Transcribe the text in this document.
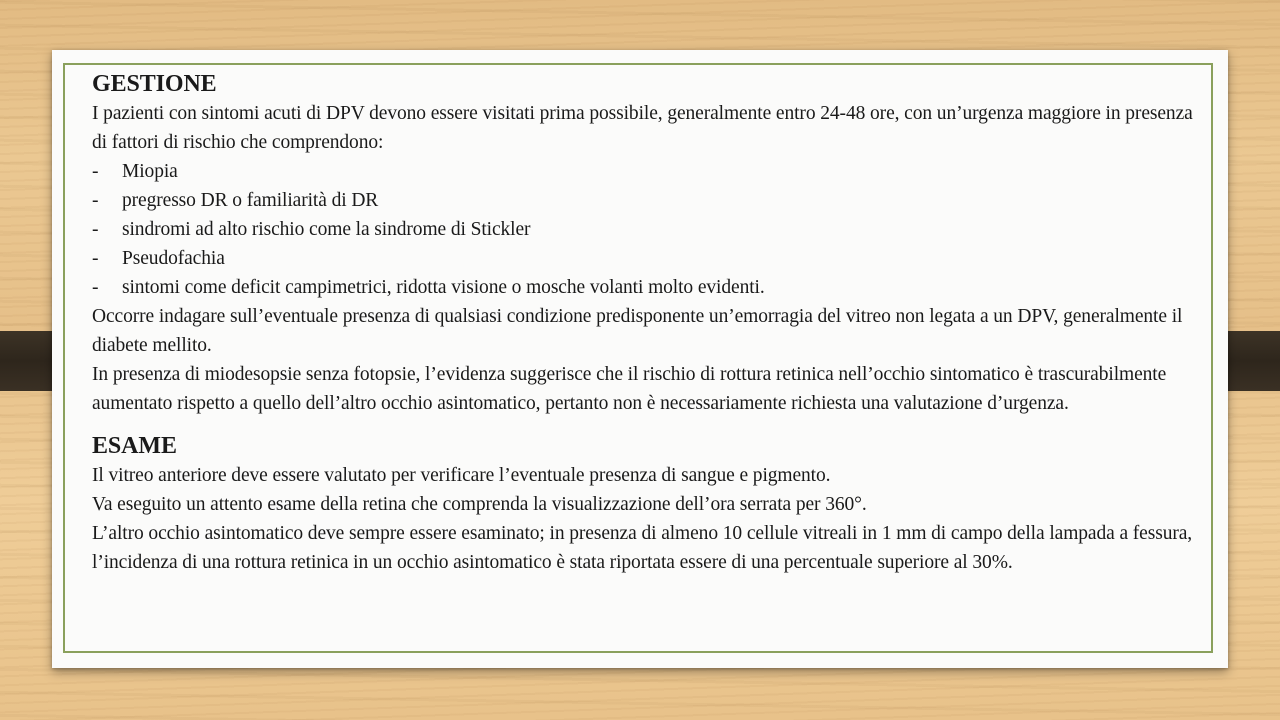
GESTIONE

I pazienti con sintomi acuti di DPV devono essere visitati prima possibile, generalmente entro 24-48 ore, con un’urgenza maggiore in presenza di fattori di rischio che comprendono:

-	Miopia
-	pregresso DR o familiarità di DR
-	sindromi ad alto rischio come la sindrome di Stickler
-	Pseudofachia
-	sintomi come deficit campimetrici, ridotta visione o mosche volanti molto evidenti.

Occorre indagare sull’eventuale presenza di qualsiasi condizione predisponente un’emorragia del vitreo non legata a un DPV, generalmente il diabete mellito.

In presenza di miodesopsie senza fotopsie, l’evidenza suggerisce che il rischio di rottura retinica nell’occhio sintomatico è trascurabilmente aumentato rispetto a quello dell’altro occhio asintomatico, pertanto non è necessariamente richiesta una valutazione d’urgenza.

ESAME

Il vitreo anteriore deve essere valutato per verificare l’eventuale presenza di sangue e pigmento.

Va eseguito un attento esame della retina che comprenda la visualizzazione dell’ora serrata per 360°.

L’altro occhio asintomatico deve sempre essere esaminato; in presenza di almeno 10 cellule vitreali in 1 mm di campo della lampada a fessura, l’incidenza di una rottura retinica in un occhio asintomatico è stata riportata essere di una percentuale superiore al 30%.
